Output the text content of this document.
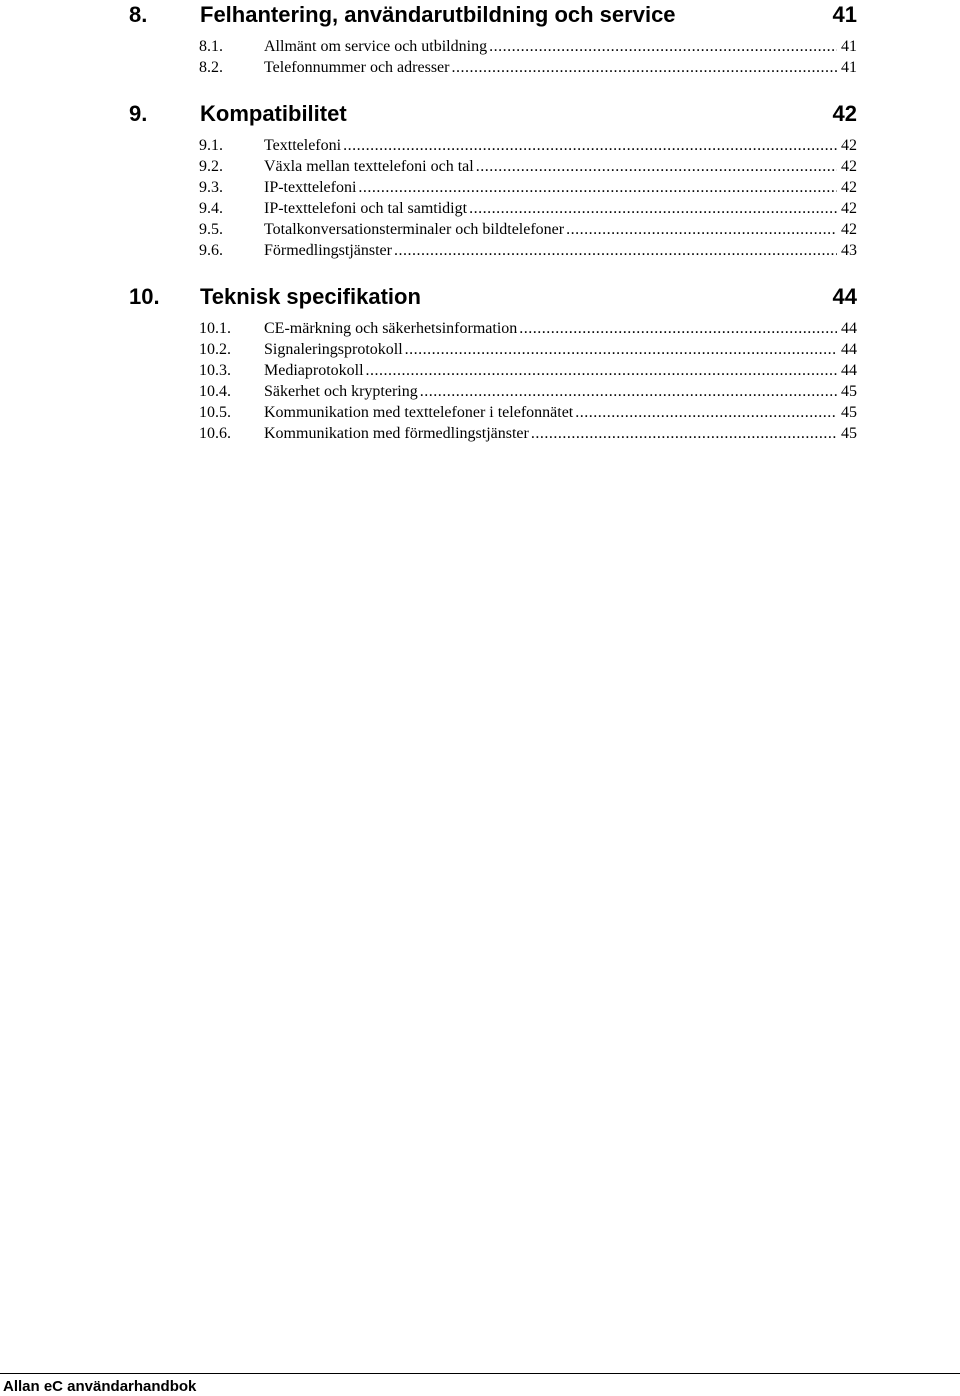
8. Felhantering, användarutbildning och service	41
8.1.	Allmänt om service och utbildning .....	41
8.2.	Telefonnummer och adresser .....	41
9. Kompatibilitet	42
9.1.	Texttelefoni .....	42
9.2.	Växla mellan texttelefoni och tal .....	42
9.3.	IP-texttelefoni .....	42
9.4.	IP-texttelefoni och tal samtidigt .....	42
9.5.	Totalkonversationsterminaler och bildtelefoner .....	42
9.6.	Förmedlingstjänster .....	43
10. Teknisk specifikation	44
10.1. CE-märkning och säkerhetsinformation .....	44
10.2. Signaleringsprotokoll .....	44
10.3. Mediaprotokoll .....	44
10.4. Säkerhet och kryptering .....	45
10.5. Kommunikation med texttelefoner i telefonnätet .....	45
10.6. Kommunikation med förmedlingstjänster .....	45
Allan eC användarhandbok
